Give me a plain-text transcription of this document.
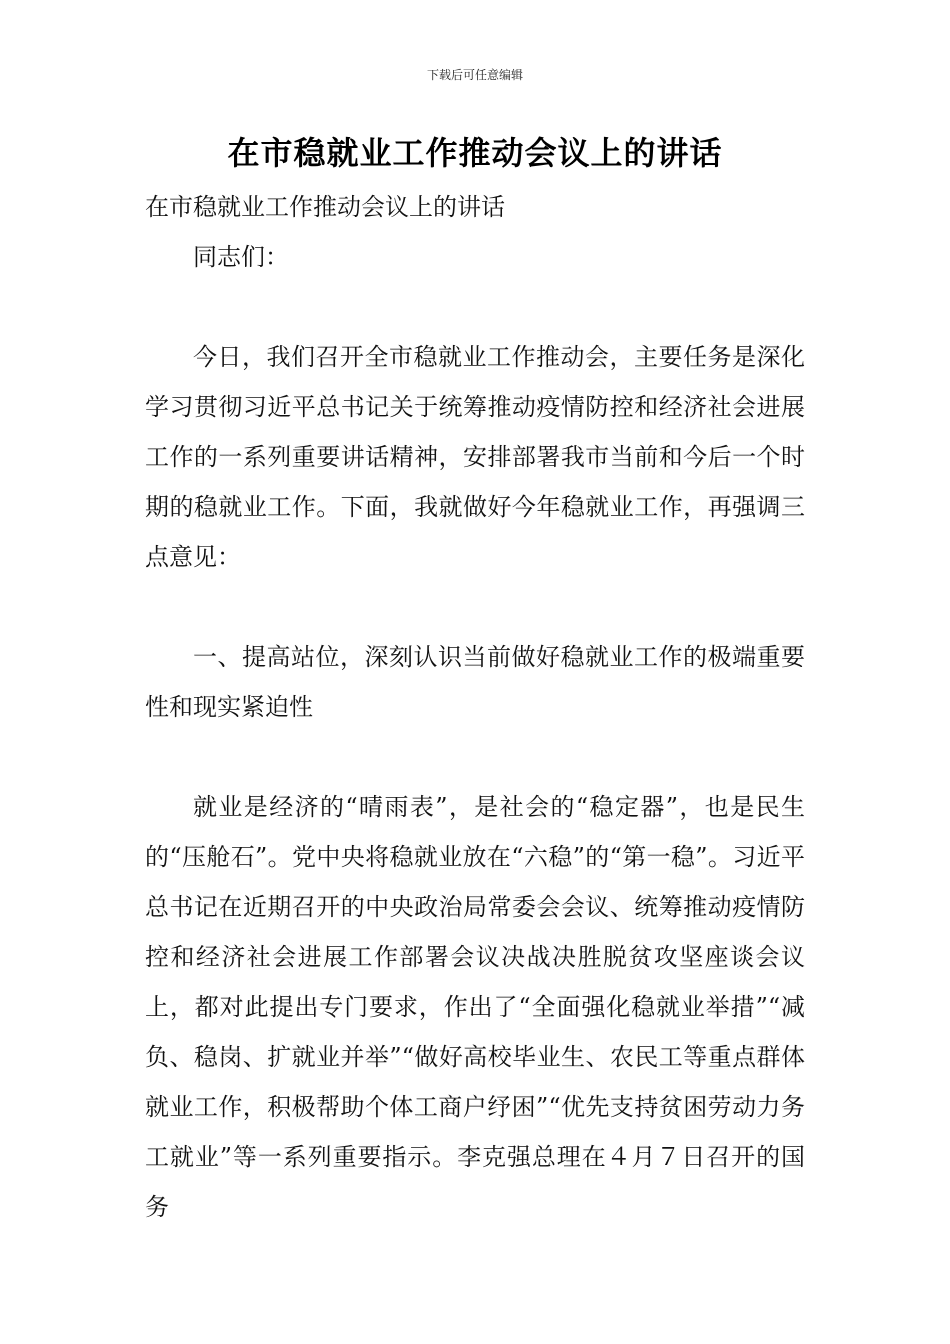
下载后可任意编辑
在市稳就业工作推动会议上的讲话

在市稳就业工作推动会议上的讲话

同志们：

今日，我们召开全市稳就业工作推动会，主要任务是深化学习贯彻习近平总书记关于统筹推动疫情防控和经济社会进展工作的一系列重要讲话精神，安排部署我市当前和今后一个时期的稳就业工作。下面，我就做好今年稳就业工作，再强调三点意见：

一、提高站位，深刻认识当前做好稳就业工作的极端重要性和现实紧迫性

就业是经济的“晴雨表”，是社会的“稳定器”，也是民生的“压舱石”。党中央将稳就业放在“六稳”的“第一稳”。习近平总书记在近期召开的中央政治局常委会会议、统筹推动疫情防控和经济社会进展工作部署会议决战决胜脱贫攻坚座谈会议上，都对此提出专门要求，作出了“全面强化稳就业举措”“减负、稳岗、扩就业并举”“做好高校毕业生、农民工等重点群体就业工作，积极帮助个体工商户纾困”“优先支持贫困劳动力务工就业”等一系列重要指示。李克强总理在４月７日召开的国务
